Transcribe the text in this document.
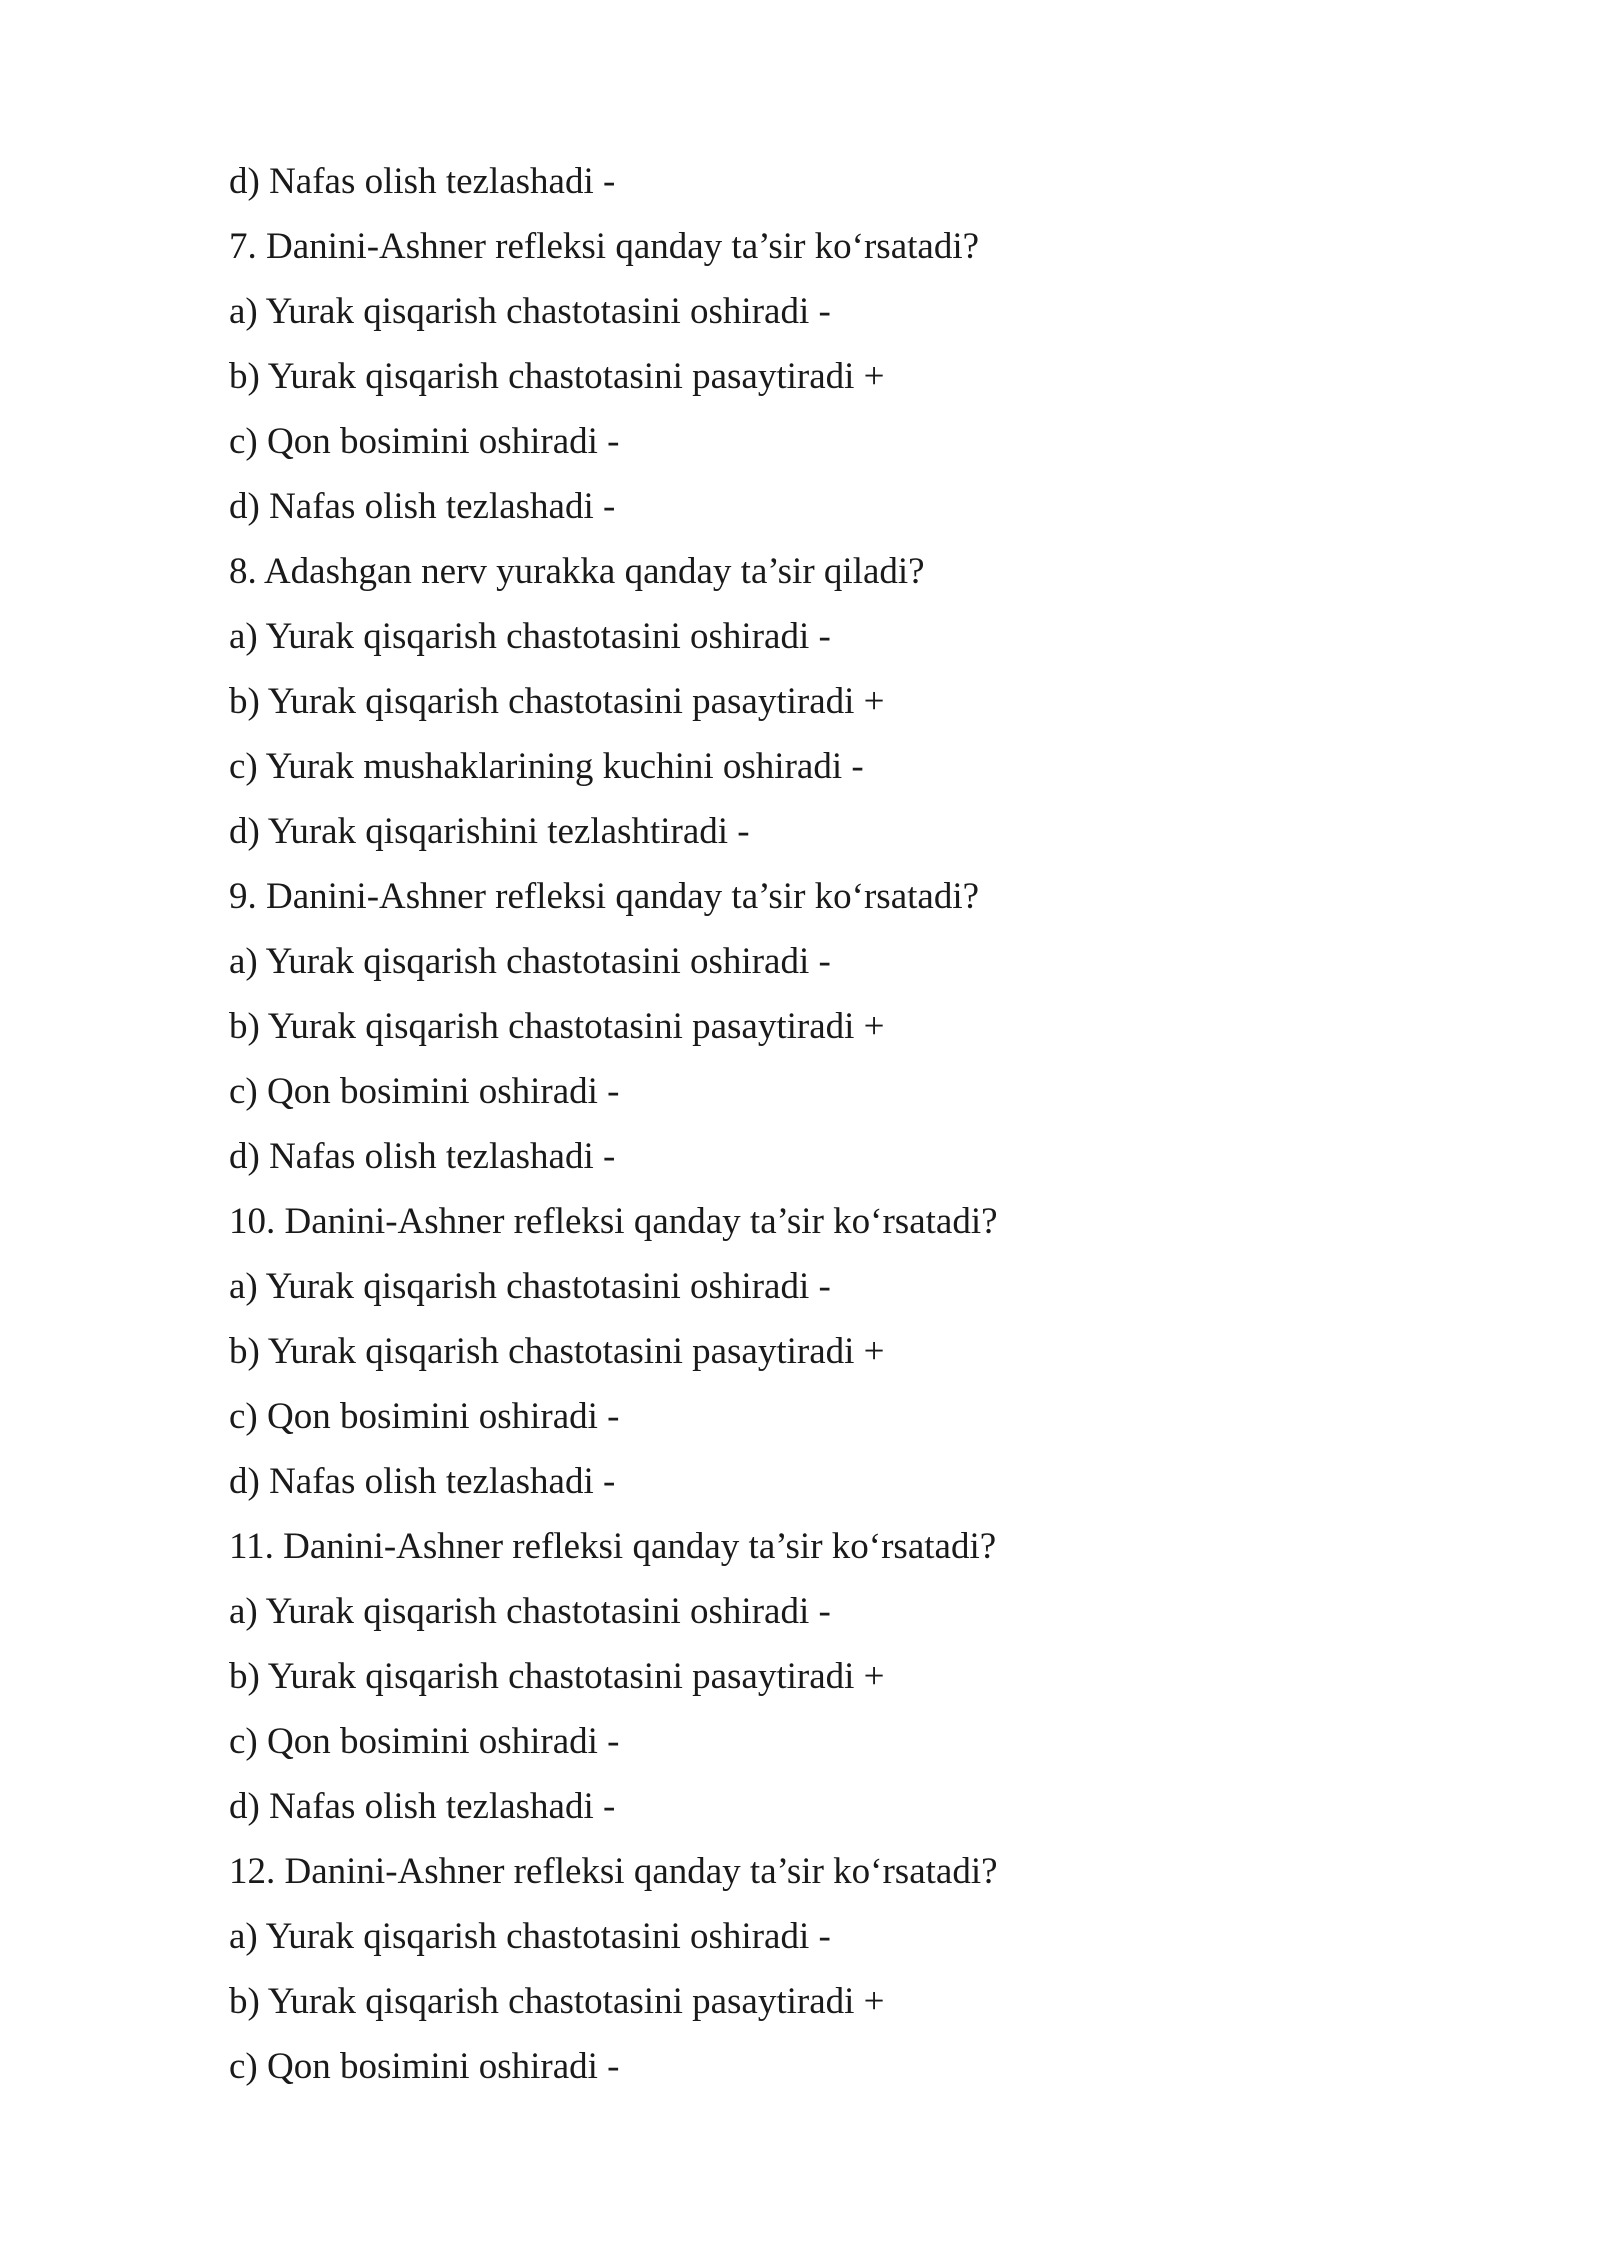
d) Nafas olish tezlashadi -
7. Danini-Ashner refleksi qanday ta’sir ko‘rsatadi?
a) Yurak qisqarish chastotasini oshiradi -
b) Yurak qisqarish chastotasini pasaytiradi +
c) Qon bosimini oshiradi -
d) Nafas olish tezlashadi -
8. Adashgan nerv yurakka qanday ta’sir qiladi?
a) Yurak qisqarish chastotasini oshiradi -
b) Yurak qisqarish chastotasini pasaytiradi +
c) Yurak mushaklarining kuchini oshiradi -
d) Yurak qisqarishini tezlashtiradi -
9. Danini-Ashner refleksi qanday ta’sir ko‘rsatadi?
a) Yurak qisqarish chastotasini oshiradi -
b) Yurak qisqarish chastotasini pasaytiradi +
c) Qon bosimini oshiradi -
d) Nafas olish tezlashadi -
10. Danini-Ashner refleksi qanday ta’sir ko‘rsatadi?
a) Yurak qisqarish chastotasini oshiradi -
b) Yurak qisqarish chastotasini pasaytiradi +
c) Qon bosimini oshiradi -
d) Nafas olish tezlashadi -
11. Danini-Ashner refleksi qanday ta’sir ko‘rsatadi?
a) Yurak qisqarish chastotasini oshiradi -
b) Yurak qisqarish chastotasini pasaytiradi +
c) Qon bosimini oshiradi -
d) Nafas olish tezlashadi -
12. Danini-Ashner refleksi qanday ta’sir ko‘rsatadi?
a) Yurak qisqarish chastotasini oshiradi -
b) Yurak qisqarish chastotasini pasaytiradi +
c) Qon bosimini oshiradi -
